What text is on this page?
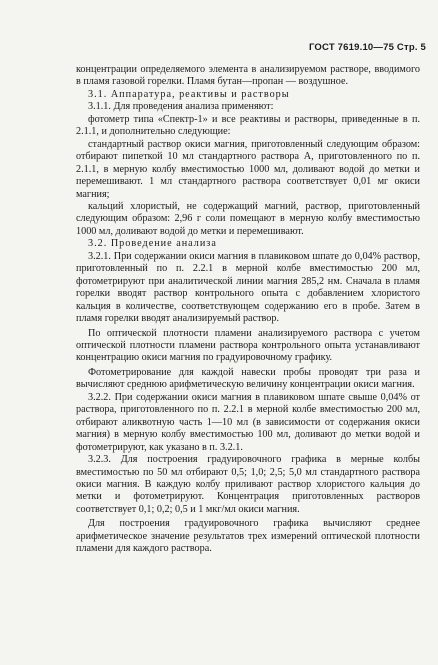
ГОСТ 7619.10—75 Стр. 5

концентрации определяемого элемента в анализируемом растворе, вводимого в пламя газовой горелки. Пламя бутан—пропан — воздушное.

3.1. Аппаратура, реактивы и растворы

3.1.1. Для проведения анализа применяют:

фотометр типа «Спектр-1» и все реактивы и растворы, приведенные в п. 2.1.1, и дополнительно следующие:

стандартный раствор окиси магния, приготовленный следующим образом: отбирают пипеткой 10 мл стандартного раствора А, приготовленного по п. 2.1.1, в мерную колбу вместимостью 1000 мл, доливают водой до метки и перемешивают. 1 мл стандартного раствора соответствует 0,01 мг окиси магния;

кальций хлористый, не содержащий магний, раствор, приготовленный следующим образом: 2,96 г соли помещают в мерную колбу вместимостью 1000 мл, доливают водой до метки и перемешивают.

3.2. Проведение анализа

3.2.1. При содержании окиси магния в плавиковом шпате до 0,04% раствор, приготовленный по п. 2.2.1 в мерной колбе вместимостью 200 мл, фотометрируют при аналитической линии магния 285,2 нм. Сначала в пламя горелки вводят раствор контрольного опыта с добавлением хлористого кальция в количестве, соответствующем содержанию его в пробе. Затем в пламя горелки вводят анализируемый раствор.

По оптической плотности пламени анализируемого раствора с учетом оптической плотности пламени раствора контрольного опыта устанавливают концентрацию окиси магния по градуировочному графику.

Фотометрирование для каждой навески пробы проводят три раза и вычисляют среднюю арифметическую величину концентрации окиси магния.

3.2.2. При содержании окиси магния в плавиковом шпате свыше 0,04% от раствора, приготовленного по п. 2.2.1 в мерной колбе вместимостью 200 мл, отбирают аликвотную часть 1—10 мл (в зависимости от содержания окиси магния) в мерную колбу вместимостью 100 мл, доливают до метки водой и фотометрируют, как указано в п. 3.2.1.

3.2.3. Для построения градуировочного графика в мерные колбы вместимостью по 50 мл отбирают 0,5; 1,0; 2,5; 5,0 мл стандартного раствора окиси магния. В каждую колбу приливают раствор хлористого кальция до метки и фотометрируют. Концентрация приготовленных растворов соответствует 0,1; 0,2; 0,5 и 1 мкг/мл окиси магния.

Для построения градуировочного графика вычисляют среднее арифметическое значение результатов трех измерений оптической плотности пламени для каждого раствора.
